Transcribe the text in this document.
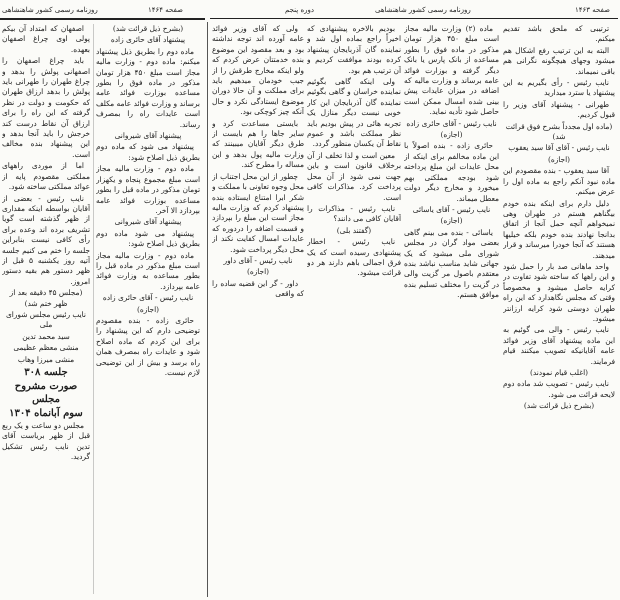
روزنامه رسمی کشور شاهنشاهی	صفحه ۱۴۶۴

اصفهان که امتداد آن بیکم پولی اوی چراغ اصفهان بعهده.

باید چراغ اصفهان را اصفهانی پولش را بدهد و چراغ طهران را طهرانی باید پولش را بدهد ارزاق طهران که حکومت و دولت در نظر گرفته که این راه را برای ارزاق آن نقاط درست کند خرجش را باید آنجا بدهد و این پیشنهاد بنده مخالف است.

اما از موردی راههای مملکتی مقصودم پایه از عوائد مملکتی ساخته شود.

نایب رئیس - بعضی از آقایان بواسطه اینکه مقداری از ظهر گذشته است گویا تشریف برده اند وعده برای رأی کافی نیست بنابراین جلسه را ختم می کنیم جلسه آتیه روز یکشنبه ۵ قبل از ظهر دستور هم بقیه دستور امروز.

(مجلس ۴۵ دقیقه بعد از ظهر ختم شد)

نایب رئیس مجلس شورای ملی

سید محمد تدین

منشی معظم عظیمی

منشی میرزا وهاب

جلسه ۳۰۸

صورت مشروح مجلس

سوم آبانماه ۱۳۰۴

مجلس دو ساعت و یک ربع قبل از ظهر بریاست آقای تدین نایب رئیس تشکیل گردید.

(بشرح ذیل قرائت شد)

پیشنهاد آقای حائری زاده

ماده دوم را بطریق ذیل پیشنهاد میکنم: ماده دوم - وزارت مالیه مجاز است مبلغ ۴۵۰ هزار تومان مذکور در ماده فوق را بطور مساعده بوزارت فوائد عامه برساند و وزارت فوائد عامه مکلف است عایدات راه را بمصرف رساند.

پیشنهاد آقای شیروانی

پیشنهاد می شود که ماده دوم بطریق ذیل اصلاح شود:

ماده دوم - وزارت مالیه مجاز است مبلغ مجموع پنجاه و یکهزار تومان مذکور در ماده قبل را بطور مساعده بوزارت فوائد عامه بپردازد الا آخر.

پیشنهاد آقای شیروانی

پیشنهاد می شود ماده دوم بطریق ذیل اصلاح شود:

ماده دوم - وزارت مالیه مجاز است مبلغ مذکور در ماده قبل را بطور مساعده به وزارت فوائد عامه بپردازد.

نایب رئیس - آقای حائری زاده

(اجازه)

حائری زاده - بنده مقصودم توضیحی دارم که این پیشنهاد را برای این کردم که ماده اصلاح شود و عایدات راه بمصرف همان راه برسد و بیش از این توضیحی لازم نیست.

صفحه ۱۴۶۳
روزنامه رسمی کشور شاهنشاهی
دوره پنجم

ترتیبی که ملحق باشد تقدیم میکنم.

البته به این ترتیب رفع اشکال هم میشود وجهای هیچگونه نگرانی هم باقی نمیماند.

نایب رئیس - رأی بگیریم به این پیشنهاد یا سترد میدارید

طهرانی - پیشنهاد آقای وزیر را قبول کردیم.

(ماده اول مجدداً بشرح فوق قرائت شد)

نایب رئیس - آقای آقا سید یعقوب

(اجازه)

آقا سید یعقوب - بنده مقصودم این ماده نبود آنکم راجع به ماده اول را عرض میکنم.

دلیل دارم برای اینکه بنده خودم بیگناهم هستم در طهران وهی نمیخواهم آنچه حمل آنجا از اتفاق بدانجا نهادند بنده خودم بلکه خیلیها هستند که آنجا خودرا میرساند و قرار میدهند.

واحد ماهانی صد بار را حمل شود و این راهها که ساخته شود تفاوت در کرایه حاصل میشود و مخصوصاً وقتی که مجلس نگاهدارد که این راه طهران دوستی شود کرایه ارزانتر میشود.

نایب رئیس - والی می گوئیم به این ماده پیشنهاد آقای وزیر فوائد عامه آقایانیکه تصویب میکنند قیام فرمایند.

(اغلب قیام نمودند)

نایب رئیس - تصویب شد ماده دوم لایحه قرائت می شود.

(بشرح ذیل قرائت شد)

ماده (۲) وزارت مالیه مجاز است مبلغ ۴۵۰ هزار تومان مذکور در ماده فوق را بطور مساعده از بانک پارس یا بانک دیگر گرفته و بوزارت فوائد عامه برساند و وزارت مالیه که اضافه در میزان عایدات پیش بینی شده امسال ممکن است حاصل شود تأدیه نماید.

نایب رئیس - آقای حائری زاده

(اجازه)

حائری زاده - بنده اصولاً با این ماده مخالفم برای اینکه از محل عایدات این مبلغ پرداخته شود بودجه مملکتی بهم میخورد و مخارج دیگر دولت معطل میماند.

نایب رئیس - آقای یاسائی

(اجازه)

یاسائی - بنده می بینم گاهی بعضی مواد گران در مجلس شورای ملی میشود که یک جهاتی شاید مناسب نباشد بنده معتقدم باصول مر گزیت والی در گزیت را مختلف تسلیم بنده موافق هستم.

بودیم بالاخره پیشنهادی که اخیراً راجع بماده اول شد و نماینده گان آذربایجان پیشنهاد کرده بودند موافقت کردیم و آن ترتیب هم بود.

ولی اینکه گاهی بگوئیم نماینده خراسان و گاهی بگوئیم نماینده گان آذربایجان این کار خوبی نیست دیگر منازل یک تجربه هائی در پیش بودیم باید نظر مملکت باشد و عموم نقاط آن یکسان منظور گردد.

معین است و لذا تخلف از آن برخلاف قانون است و باین جهت نمی شود از آن محل پرداخت کرد. مذاکرات کافی است.

نایب رئیس - مذاکرات را آقایان کافی می دانند؟

(گفتند بلی)

نایب رئیس - اخطار پیشنهادی رسیده است که یک فرق اجمالی باهم دارند هر دو قرائت میشود.

ولی که آقای وزیر فوائد عامه آورده اند توجه نداشته بود و بعد مقصود این موضوع بنده خدمتتان عرض کردم که ولو اینکه مخارج طرقش را از جیب خودمان میدهیم باید برای مملکت و آن حالا دوران موضوع ایستادگی نکرد و حال آنکه چیز کوچکی بود.

بایستی مساعدت کرد و سایر جاها را هم بایست از طرق دیگر آقایان میبینند که وزارت مالیه پول بدهد و این مساله را مطرح کند.

چطور از این محل اجتناب از محل وجوه تعاونی با مملکت و شکر ابرا امتناع ایستاده بنده پیشنهاد کردم که وزارت مالیه مجاز است این مبلغ را بپردازد و قسمت اضافه را دردوره که عایدات امسال کفایت نکند از محل دیگر پرداخت شود.

نایب رئیس - آقای داور

(اجازه)

داور - گر این قضیه ساده را که واقعی
